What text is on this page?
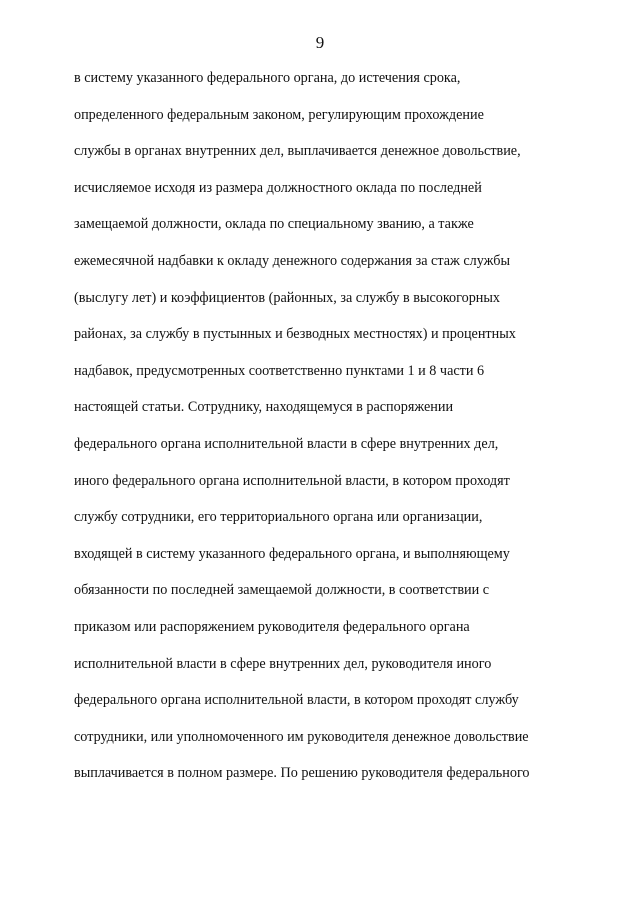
9
в систему указанного федерального органа, до истечения срока,
определенного федеральным законом, регулирующим прохождение
службы в органах внутренних дел, выплачивается денежное довольствие,
исчисляемое исходя из размера должностного оклада по последней
замещаемой должности, оклада по специальному званию, а также
ежемесячной надбавки к окладу денежного содержания за стаж службы
(выслугу лет) и коэффициентов (районных, за службу в высокогорных
районах, за службу в пустынных и безводных местностях) и процентных
надбавок, предусмотренных соответственно пунктами 1 и 8 части 6
настоящей статьи. Сотруднику, находящемуся в распоряжении
федерального органа исполнительной власти в сфере внутренних дел,
иного федерального органа исполнительной власти, в котором проходят
службу сотрудники, его территориального органа или организации,
входящей в систему указанного федерального органа, и выполняющему
обязанности по последней замещаемой должности, в соответствии с
приказом или распоряжением руководителя федерального органа
исполнительной власти в сфере внутренних дел, руководителя иного
федерального органа исполнительной власти, в котором проходят службу
сотрудники, или уполномоченного им руководителя денежное довольствие
выплачивается в полном размере. По решению руководителя федерального
